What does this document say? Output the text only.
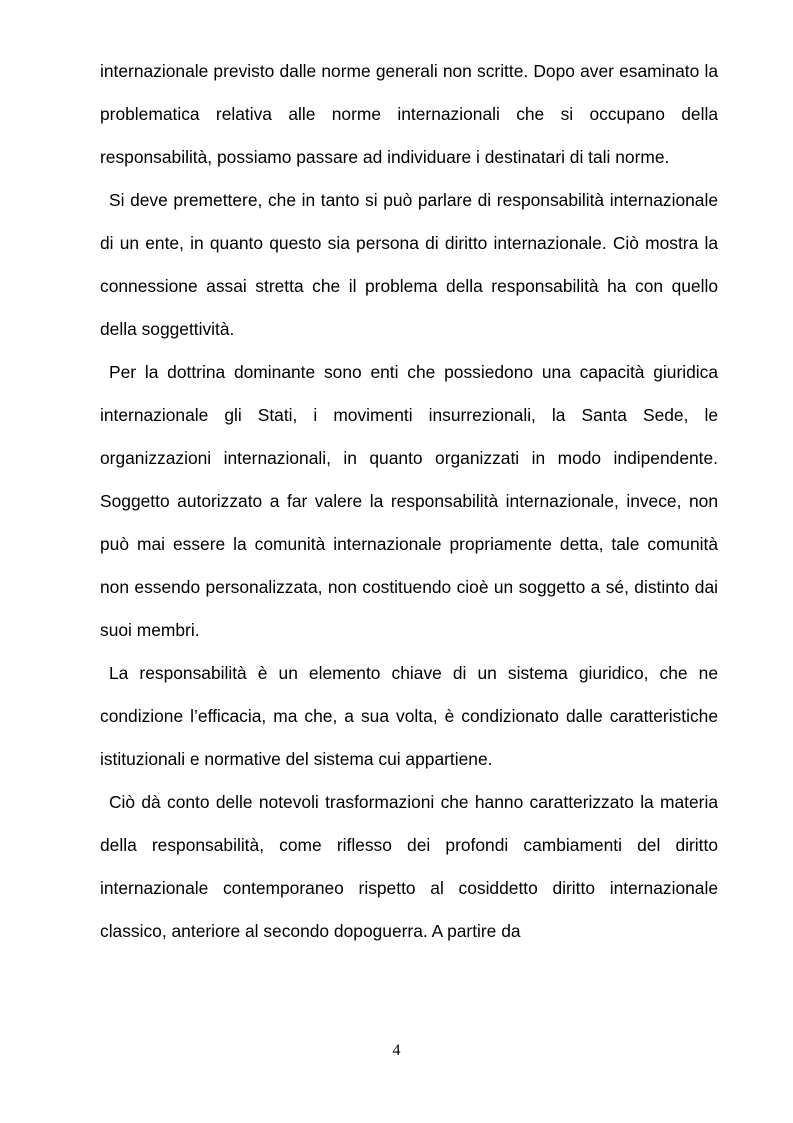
internazionale previsto dalle norme generali non scritte. Dopo aver esaminato la problematica relativa alle norme internazionali che si occupano della responsabilità, possiamo passare ad individuare i destinatari di tali norme.

Si deve premettere, che in tanto si può parlare di responsabilità internazionale di un ente, in quanto questo sia persona di diritto internazionale. Ciò mostra la connessione assai stretta che il problema della responsabilità ha con quello della soggettività.

Per la dottrina dominante sono enti che possiedono una capacità giuridica internazionale gli Stati, i movimenti insurrezionali, la Santa Sede, le organizzazioni internazionali, in quanto organizzati in modo indipendente. Soggetto autorizzato a far valere la responsabilità internazionale, invece, non può mai essere la comunità internazionale propriamente detta, tale comunità non essendo personalizzata, non costituendo cioè un soggetto a sé, distinto dai suoi membri.

La responsabilità è un elemento chiave di un sistema giuridico, che ne condizione l’efficacia, ma che, a sua volta, è condizionato dalle caratteristiche istituzionali e normative del sistema cui appartiene.

Ciò dà conto delle notevoli trasformazioni che hanno caratterizzato la materia della responsabilità, come riflesso dei profondi cambiamenti del diritto internazionale contemporaneo rispetto al cosiddetto diritto internazionale classico, anteriore al secondo dopoguerra. A partire da

4
